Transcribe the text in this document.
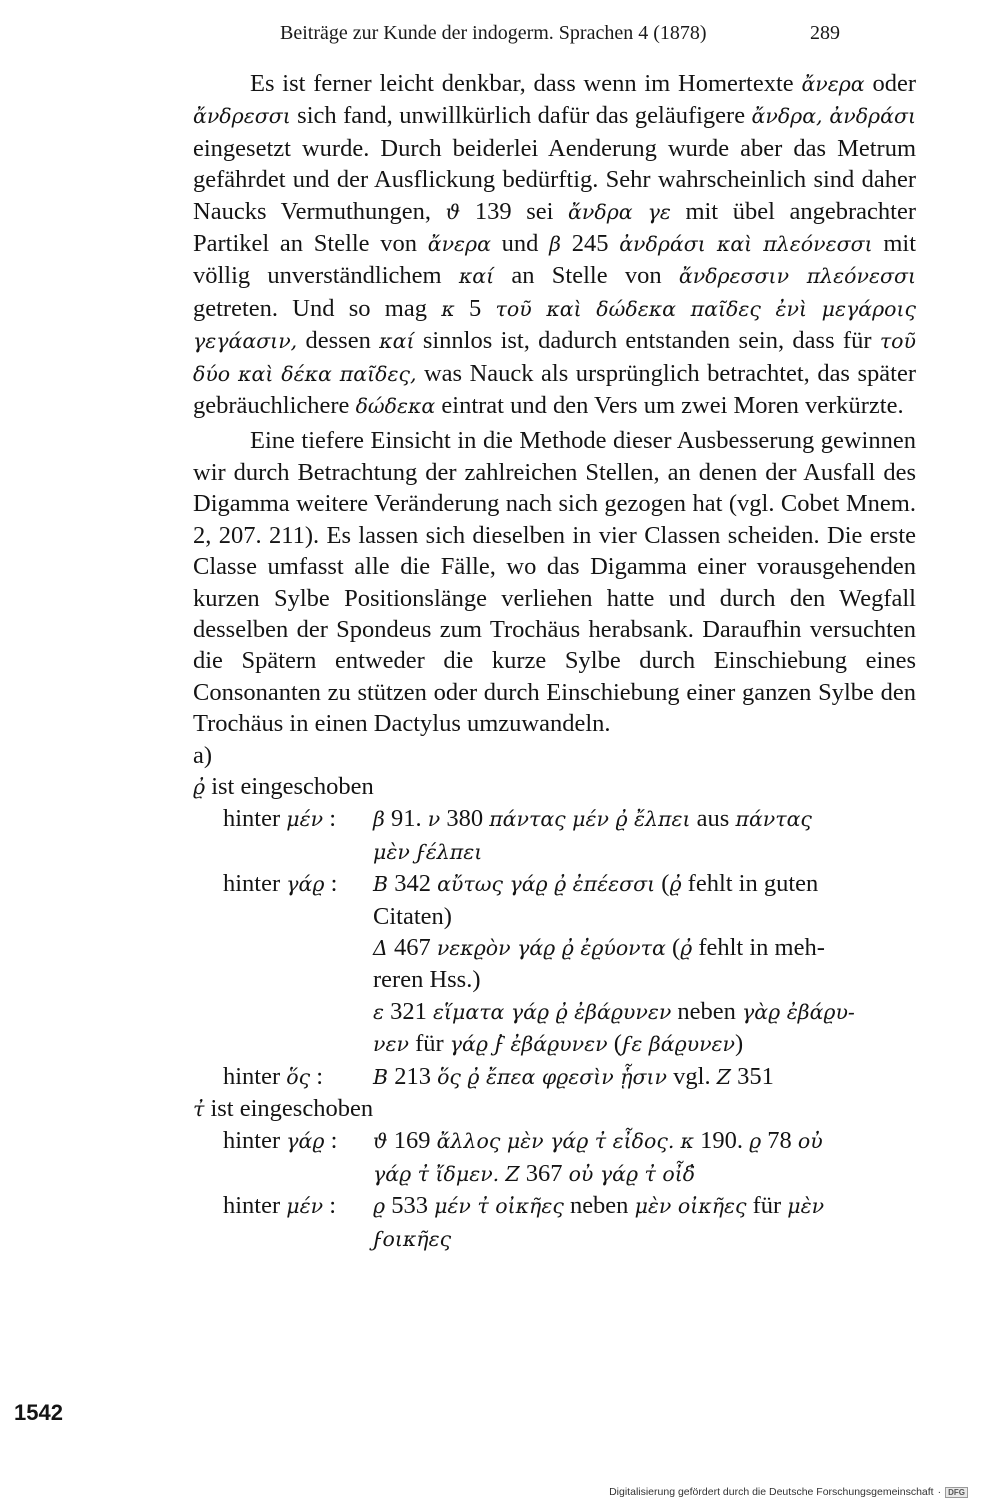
Beiträge zur Kunde der indogerm. Sprachen 4 (1878)	289

Es ist ferner leicht denkbar, dass wenn im Homertexte ἄνερα oder ἄνδρεσσι sich fand, unwillkürlich dafür das geläufigere ἄνδρα, ἀνδράσι eingesetzt wurde. Durch beiderlei Aenderung wurde aber das Metrum gefährdet und der Ausflickung bedürftig. Sehr wahrscheinlich sind daher Naucks Vermuthungen, ϑ 139 sei ἄνδρα γε mit übel angebrachter Partikel an Stelle von ἄνερα und β 245 ἀνδράσι καὶ πλεόνεσσι mit völlig unverständlichem καί an Stelle von ἄνδρεσσιν πλεόνεσσι getreten. Und so mag κ 5 τοῦ καὶ δώδεκα παῖδες ἐνὶ μεγάροις γεγάασιν, dessen καί sinnlos ist, dadurch entstanden sein, dass für τοῦ δύο καὶ δέκα παῖδες, was Nauck als ursprünglich betrachtet, das später gebräuchlichere δώδεκα eintrat und den Vers um zwei Moren verkürzte.

Eine tiefere Einsicht in die Methode dieser Ausbesserung gewinnen wir durch Betrachtung der zahlreichen Stellen, an denen der Ausfall des Digamma weitere Veränderung nach sich gezogen hat (vgl. Cobet Mnem. 2, 207. 211). Es lassen sich dieselben in vier Classen scheiden. Die erste Classe umfasst alle die Fälle, wo das Digamma einer vorausgehenden kurzen Sylbe Positionslänge verliehen hatte und durch den Wegfall desselben der Spondeus zum Trochäus herabsank. Daraufhin versuchten die Spätern entweder die kurze Sylbe durch Einschiebung eines Consonanten zu stützen oder durch Einschiebung einer ganzen Sylbe den Trochäus in einen Dactylus umzuwandeln.

a)
ϱ̓ ist eingeschoben
hinter μέν : β 91. ν 380 πάντας μέν ϱ̓ ἔλπει aus πάντας
μὲν ϝέλπει
hinter γάϱ : Β 342 αὔτως γάϱ ϱ̓ ἐπέεσσι (ϱ̓ fehlt in guten
Citaten)
Δ 467 νεκϱὸν γάϱ ϱ̓ ἐϱύοντα (ϱ̓ fehlt in meh-
reren Hss.)
ε 321 εἵματα γάϱ ϱ̓ ἐβάϱυνεν neben γὰϱ ἐβάϱυ-
νεν für γάϱ ϝ̓ ἐβάϱυνεν (ϝε βάϱυνεν)
hinter ὅς : Β 213 ὅς ϱ̓ ἔπεα φϱεσὶν ᾗσιν vgl. Ζ 351
τ̓ ist eingeschoben
hinter γάϱ : ϑ 169 ἄλλος μὲν γάϱ τ̓ εἶδος. κ 190. ϱ 78 οὐ
γάϱ τ̓ ἴδμεν. Ζ 367 οὐ γάϱ τ̓ οἶδ̓
hinter μέν : ϱ 533 μέν τ̓ οἰκῆες neben μὲν οἰκῆες für μὲν
ϝοικῆες
1542
Digitalisierung gefördert durch die Deutsche Forschungsgemeinschaft · DFG
